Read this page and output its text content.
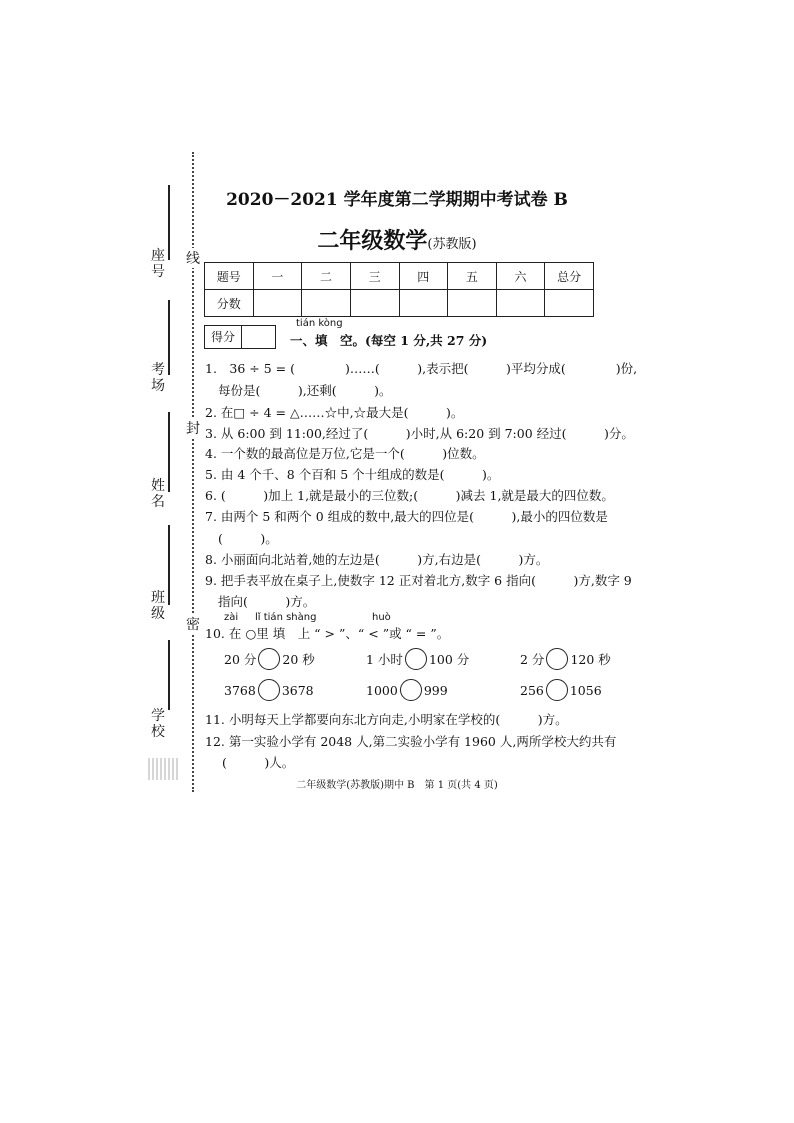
座号
考场
姓名
班级
学校
线
封
密
2020－2021 学年度第二学期期中考试卷 B
二年级数学(苏教版)
题号	一	二	三	四	五	六	总分
分数							
得分
tián kòng
一、填　空。(每空 1 分,共 27 分)
1.　36 ÷ 5 = (　　　　)……(　　　),表示把(　　　)平均分成(　　　　)份,
每份是(　　　),还剩(　　　)。
2. 在□ ÷ 4 = △……☆中,☆最大是(　　　)。
3. 从 6:00 到 11:00,经过了(　　　)小时,从 6:20 到 7:00 经过(　　　)分。
4. 一个数的最高位是万位,它是一个(　　　)位数。
5. 由 4 个千、8 个百和 5 个十组成的数是(　　　)。
6. (　　　)加上 1,就是最小的三位数;(　　　)减去 1,就是最大的四位数。
7. 由两个 5 和两个 0 组成的数中,最大的四位是(　　　),最小的四位数是
(　　　)。
8. 小丽面向北站着,她的左边是(　　　)方,右边是(　　　)方。
9. 把手表平放在桌子上,使数字 12 正对着北方,数字 6 指向(　　　)方,数字 9
指向(　　　)方。
zài lǐ tián shàng	huò
10. 在 ○里 填　上 “ > ”、“ < ”或 “ = ”。
20 分 20 秒	1 小时 100 分	2 分 120 秒
3768 3678	1000 999	256 1056
11. 小明每天上学都要向东北方向走,小明家在学校的(　　　)方。
12. 第一实验小学有 2048 人,第二实验小学有 1960 人,两所学校大约共有
(　　　)人。
二年级数学(苏教版)期中 B　第 1 页(共 4 页)
